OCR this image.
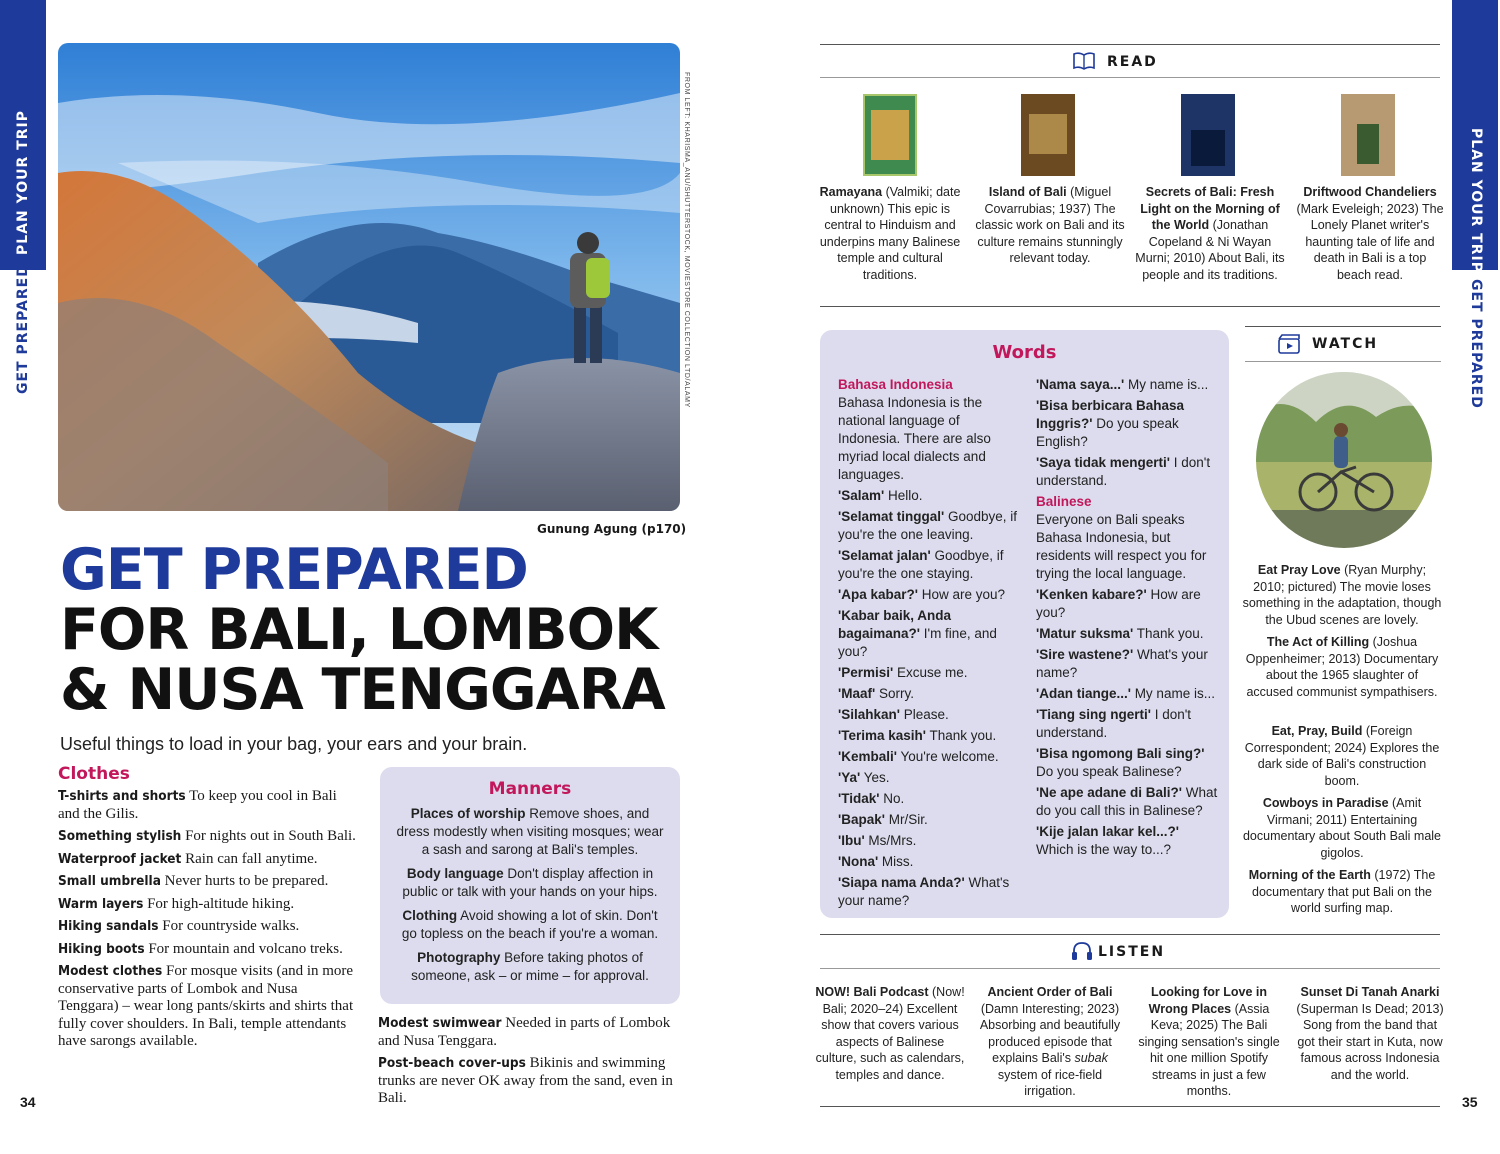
PLAN YOUR TRIP
GET PREPARED
PLAN YOUR TRIP
GET PREPARED
34	35
FROM LEFT: KHARISMA_ANU/SHUTTERSTOCK, MOVIESTORE COLLECTION LTD/ALAMY
Gunung Agung (p170)
GET PREPARED
FOR BALI, LOMBOK
& NUSA TENGGARA
Useful things to load in your bag, your ears and your brain.
Clothes

T-shirts and shorts To keep you cool in Bali and the Gilis.

Something stylish For nights out in South Bali.

Waterproof jacket Rain can fall anytime.

Small umbrella Never hurts to be prepared.

Warm layers For high-altitude hiking.

Hiking sandals For countryside walks.

Hiking boots For mountain and volcano treks.

Modest clothes For mosque visits (and in more conservative parts of Lombok and Nusa Tenggara) – wear long pants/skirts and shirts that fully cover shoulders. In Bali, temple attendants have sarongs available.

Manners

Places of worship Remove shoes, and dress modestly when visiting mosques; wear a sash and sarong at Bali's temples.

Body language Don't display affection in public or talk with your hands on your hips.

Clothing Avoid showing a lot of skin. Don't go topless on the beach if you're a woman.

Photography Before taking photos of someone, ask – or mime – for approval.

Modest swimwear Needed in parts of Lombok and Nusa Tenggara.

Post-beach cover-ups Bikinis and swimming trunks are never OK away from the sand, even in Bali.

READ
Ramayana (Valmiki; date unknown) This epic is central to Hinduism and underpins many Balinese temple and cultural traditions.
Island of Bali (Miguel Covarrubias; 1937) The classic work on Bali and its culture remains stunningly relevant today.
Secrets of Bali: Fresh Light on the Morning of the World (Jonathan Copeland & Ni Wayan Murni; 2010) About Bali, its people and its traditions.
Driftwood Chandeliers (Mark Eveleigh; 2023) The Lonely Planet writer's haunting tale of life and death in Bali is a top beach read.
Words

Bahasa Indonesia

Bahasa Indonesia is the national language of Indonesia. There are also myriad local dialects and languages.

'Salam' Hello.

'Selamat tinggal' Goodbye, if you're the one leaving.

'Selamat jalan' Goodbye, if you're the one staying.

'Apa kabar?' How are you?

'Kabar baik, Anda bagaimana?' I'm fine, and you?

'Permisi' Excuse me.

'Maaf' Sorry.

'Silahkan' Please.

'Terima kasih' Thank you.

'Kembali' You're welcome.

'Ya' Yes.

'Tidak' No.

'Bapak' Mr/Sir.

'Ibu' Ms/Mrs.

'Nona' Miss.

'Siapa nama Anda?' What's your name?

'Nama saya...' My name is...

'Bisa berbicara Bahasa Inggris?' Do you speak English?

'Saya tidak mengerti' I don't understand.

Balinese

Everyone on Bali speaks Bahasa Indonesia, but residents will respect you for trying the local language.

'Kenken kabare?' How are you?

'Matur suksma' Thank you.

'Sire wastene?' What's your name?

'Adan tiange...' My name is...

'Tiang sing ngerti' I don't understand.

'Bisa ngomong Bali sing?' Do you speak Balinese?

'Ne ape adane di Bali?' What do you call this in Balinese?

'Kije jalan lakar kel...?' Which is the way to...?

WATCH
Eat Pray Love (Ryan Murphy; 2010; pictured) The movie loses something in the adaptation, though the Ubud scenes are lovely.
The Act of Killing (Joshua Oppenheimer; 2013) Documentary about the 1965 slaughter of accused communist sympathisers.
Eat, Pray, Build (Foreign Correspondent; 2024) Explores the dark side of Bali's construction boom.
Cowboys in Paradise (Amit Virmani; 2011) Entertaining documentary about South Bali male gigolos.
Morning of the Earth (1972) The documentary that put Bali on the world surfing map.
LISTEN
NOW! Bali Podcast (Now! Bali; 2020–24) Excellent show that covers various aspects of Balinese culture, such as calendars, temples and dance.
Ancient Order of Bali (Damn Interesting; 2023) Absorbing and beautifully produced episode that explains Bali's subak system of rice-field irrigation.
Looking for Love in Wrong Places (Assia Keva; 2025) The Bali singing sensation's single hit one million Spotify streams in just a few months.
Sunset Di Tanah Anarki (Superman Is Dead; 2013) Song from the band that got their start in Kuta, now famous across Indonesia and the world.
